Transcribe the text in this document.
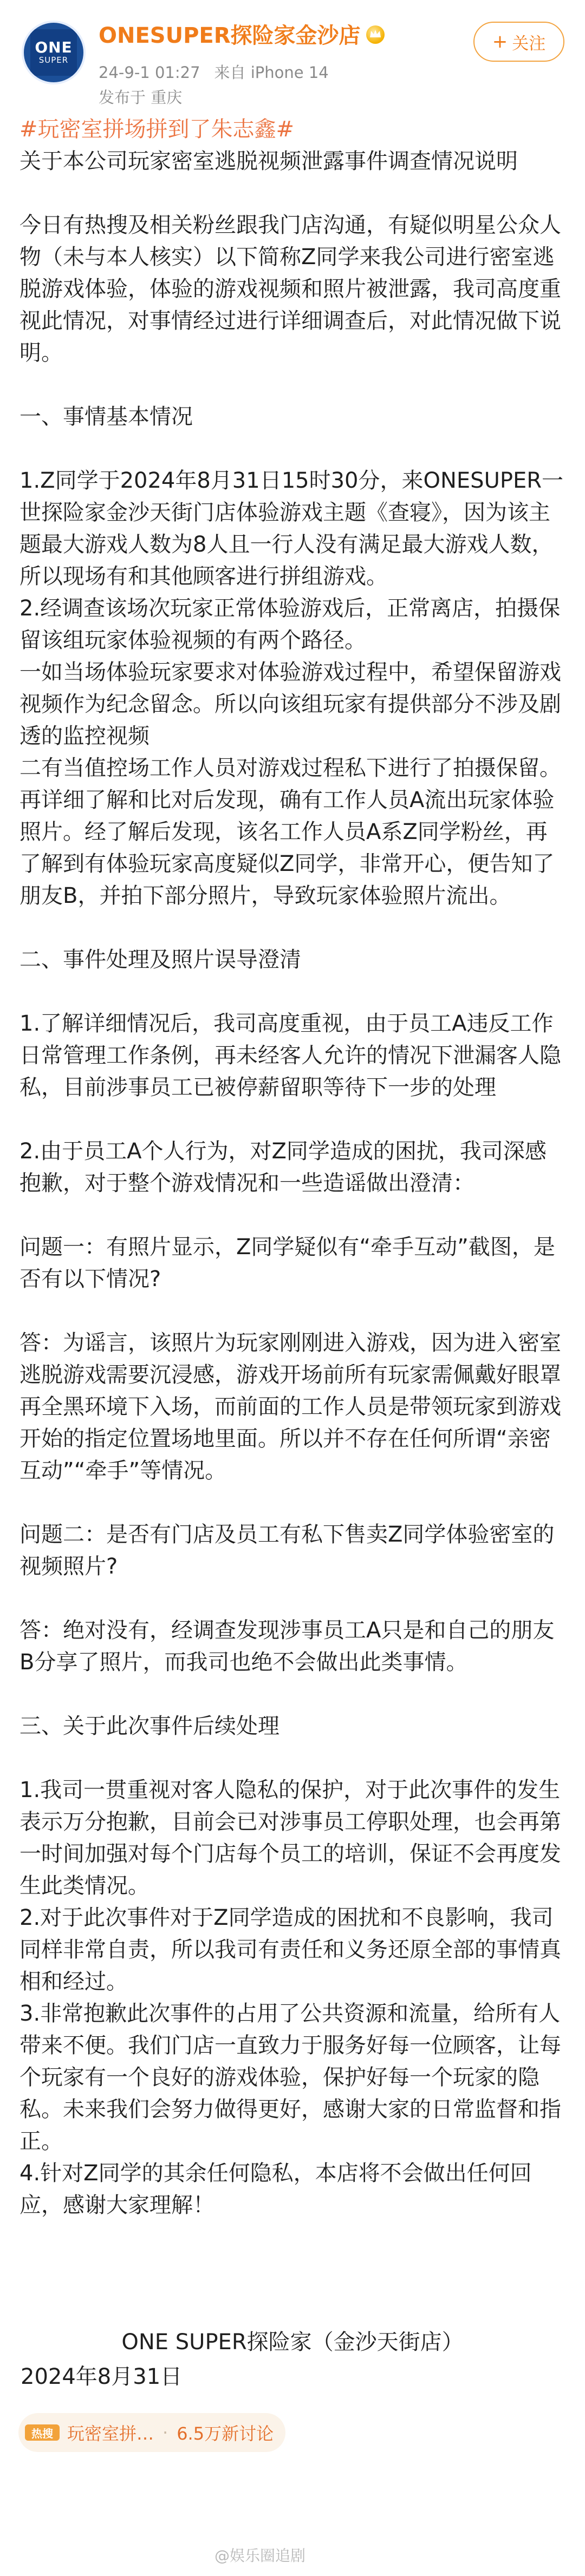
ONE
SUPER
ONESUPER探险家金沙店
24-9-1 01:27 来自 iPhone 14
发布于 重庆
+ 关注

#玩密室拼场拼到了朱志鑫#

关于本公司玩家密室逃脱视频泄露事件调查情况说明

今日有热搜及相关粉丝跟我门店沟通，有疑似明星公众人物（未与本人核实）以下简称Z同学来我公司进行密室逃脱游戏体验，体验的游戏视频和照片被泄露，我司高度重视此情况，对事情经过进行详细调查后，对此情况做下说明。

一、事情基本情况

1.Z同学于2024年8月31日15时30分，来ONESUPER一世探险家金沙天街门店体验游戏主题《查寝》，因为该主题最大游戏人数为8人且一行人没有满足最大游戏人数，所以现场有和其他顾客进行拼组游戏。

2.经调查该场次玩家正常体验游戏后，正常离店，拍摄保留该组玩家体验视频的有两个路径。

一如当场体验玩家要求对体验游戏过程中，希望保留游戏视频作为纪念留念。所以向该组玩家有提供部分不涉及剧透的监控视频

二有当值控场工作人员对游戏过程私下进行了拍摄保留。

再详细了解和比对后发现，确有工作人员A流出玩家体验照片。经了解后发现，该名工作人员A系Z同学粉丝，再了解到有体验玩家高度疑似Z同学，非常开心，便告知了朋友B，并拍下部分照片，导致玩家体验照片流出。

二、事件处理及照片误导澄清

1.了解详细情况后，我司高度重视，由于员工A违反工作日常管理工作条例，再未经客人允许的情况下泄漏客人隐私，目前涉事员工已被停薪留职等待下一步的处理

2.由于员工A个人行为，对Z同学造成的困扰，我司深感抱歉，对于整个游戏情况和一些造谣做出澄清：

问题一：有照片显示，Z同学疑似有“牵手互动”截图，是否有以下情况?

答：为谣言，该照片为玩家刚刚进入游戏，因为进入密室逃脱游戏需要沉浸感，游戏开场前所有玩家需佩戴好眼罩再全黑环境下入场，而前面的工作人员是带领玩家到游戏开始的指定位置场地里面。所以并不存在任何所谓“亲密互动”“牵手”等情况。

问题二：是否有门店及员工有私下售卖Z同学体验密室的视频照片?

答：绝对没有，经调查发现涉事员工A只是和自己的朋友B分享了照片，而我司也绝不会做出此类事情。

三、关于此次事件后续处理

1.我司一贯重视对客人隐私的保护，对于此次事件的发生表示万分抱歉，目前会已对涉事员工停职处理，也会再第一时间加强对每个门店每个员工的培训，保证不会再度发生此类情况。

2.对于此次事件对于Z同学造成的困扰和不良影响，我司同样非常自责，所以我司有责任和义务还原全部的事情真相和经过。

3.非常抱歉此次事件的占用了公共资源和流量，给所有人带来不便。我们门店一直致力于服务好每一位顾客，让每个玩家有一个良好的游戏体验，保护好每一个玩家的隐私。未来我们会努力做得更好，感谢大家的日常监督和指正。

4.针对Z同学的其余任何隐私，本店将不会做出任何回应，感谢大家理解！

ONE SUPER探险家（金沙天街店）
2024年8月31日
热搜 玩密室拼… · 6.5万新讨论
@娱乐圈追剧
